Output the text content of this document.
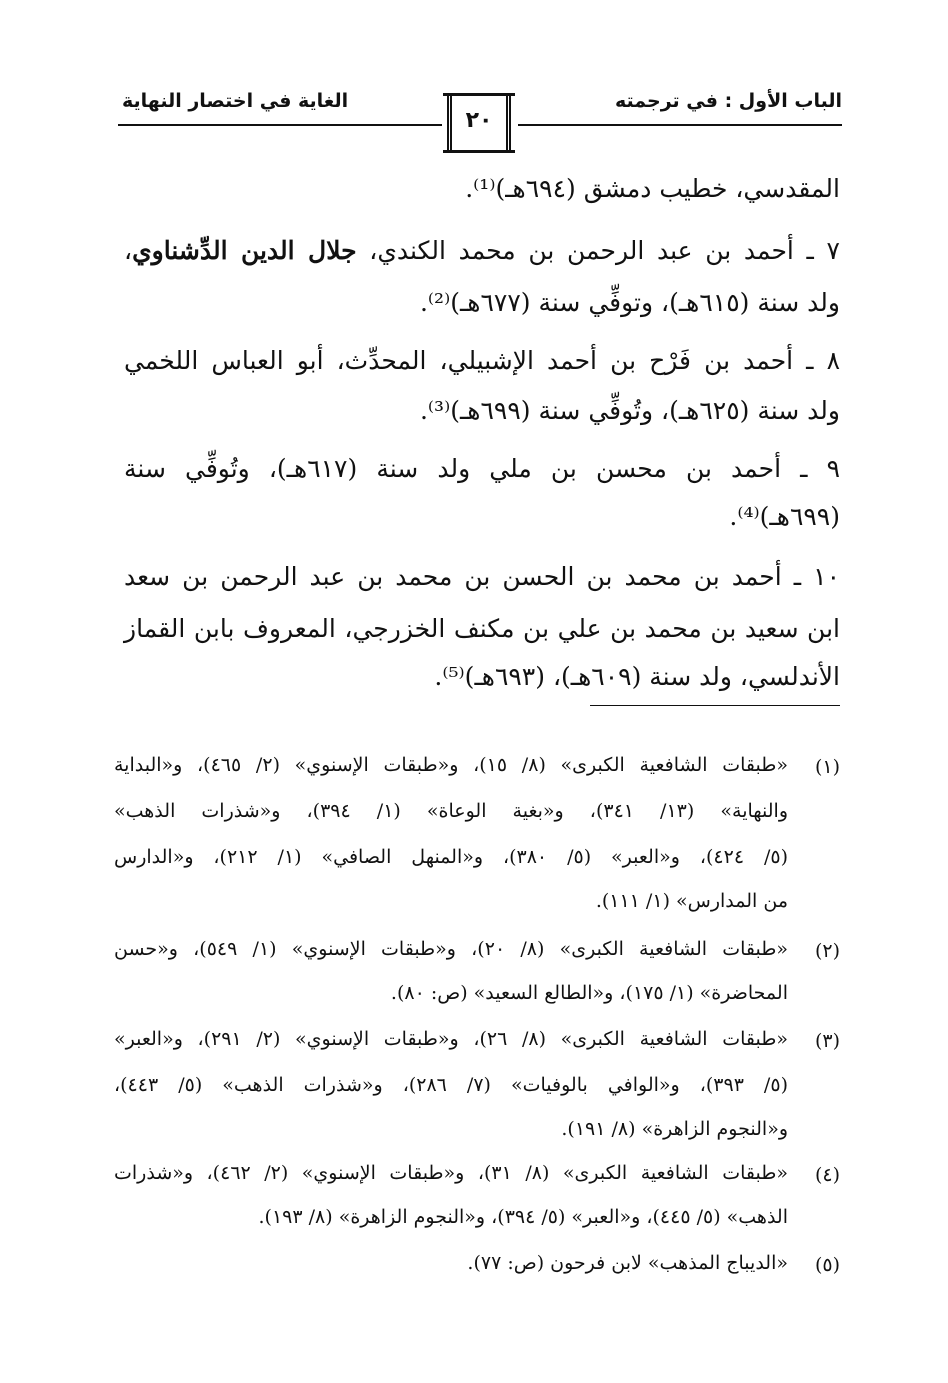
الباب الأول : في ترجمته
الغاية في اختصار النهاية
٢٠
المقدسي، خطيب دمشق (٦٩٤هـ)⁽¹⁾.
٧ ـ أحمد بن عبد الرحمن بن محمد الكندي، جلال الدين الدِّشناوي،
ولد سنة (٦١٥هـ)، وتوفِّي سنة (٦٧٧هـ)⁽²⁾.
٨ ـ أحمد بن فَرْح بن أحمد الإشبيلي، المحدِّث، أبو العباس اللخمي
ولد سنة (٦٢٥هـ)، وتُوفِّي سنة (٦٩٩هـ)⁽³⁾.
٩ ـ أحمد بن محسن بن ملي ولد سنة (٦١٧هـ)، وتُوفِّي سنة
(٦٩٩هـ)⁽⁴⁾.
١٠ ـ أحمد بن محمد بن الحسن بن محمد بن عبد الرحمن بن سعد
ابن سعيد بن محمد بن علي بن مكنف الخزرجي، المعروف بابن القماز
الأندلسي، ولد سنة (٦٠٩هـ)، (٦٩٣هـ)⁽⁵⁾.
(١)
«طبقات الشافعية الكبرى» (٨/ ١٥)، و«طبقات الإسنوي» (٢/ ٤٦٥)، و«البداية
والنهاية» (١٣/ ٣٤١)، و«بغية الوعاة» (١/ ٣٩٤)، و«شذرات الذهب»
(٥/ ٤٢٤)، و«العبر» (٥/ ٣٨٠)، و«المنهل الصافي» (١/ ٢١٢)، و«الدارس
من المدارس» (١/ ١١١).
(٢)
«طبقات الشافعية الكبرى» (٨/ ٢٠)، و«طبقات الإسنوي» (١/ ٥٤٩)، و«حسن
المحاضرة» (١/ ١٧٥)، و«الطالع السعيد» (ص: ٨٠).
(٣)
«طبقات الشافعية الكبرى» (٨/ ٢٦)، و«طبقات الإسنوي» (٢/ ٢٩١)، و«العبر»
(٥/ ٣٩٣)، و«الوافي بالوفيات» (٧/ ٢٨٦)، و«شذرات الذهب» (٥/ ٤٤٣)،
و«النجوم الزاهرة» (٨/ ١٩١).
(٤)
«طبقات الشافعية الكبرى» (٨/ ٣١)، و«طبقات الإسنوي» (٢/ ٤٦٢)، و«شذرات
الذهب» (٥/ ٤٤٥)، و«العبر» (٥/ ٣٩٤)، و«النجوم الزاهرة» (٨/ ١٩٣).
(٥)
«الديباج المذهب» لابن فرحون (ص: ٧٧).
